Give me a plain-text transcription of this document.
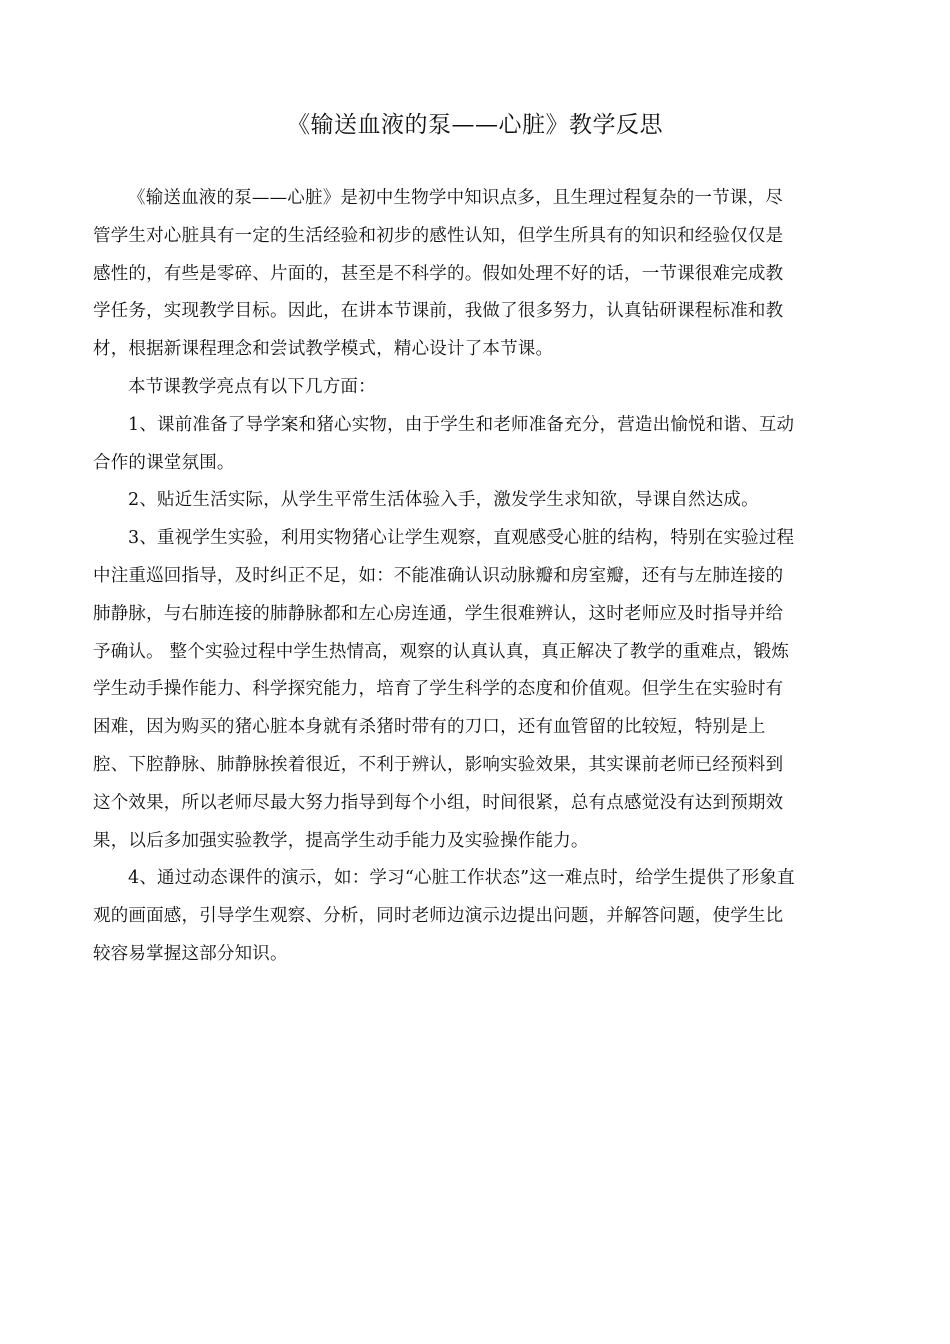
《输送血液的泵——心脏》教学反思

《输送血液的泵——心脏》是初中生物学中知识点多，且生理过程复杂的一节课，尽
管学生对心脏具有一定的生活经验和初步的感性认知，但学生所具有的知识和经验仅仅是
感性的，有些是零碎、片面的，甚至是不科学的。假如处理不好的话，一节课很难完成教
学任务，实现教学目标。因此，在讲本节课前，我做了很多努力，认真钻研课程标准和教
材，根据新课程理念和尝试教学模式，精心设计了本节课。

本节课教学亮点有以下几方面：

1、课前准备了导学案和猪心实物，由于学生和老师准备充分，营造出愉悦和谐、互动
合作的课堂氛围。

2、贴近生活实际，从学生平常生活体验入手，激发学生求知欲，导课自然达成。

3、重视学生实验，利用实物猪心让学生观察，直观感受心脏的结构，特别在实验过程
中注重巡回指导，及时纠正不足，如：不能准确认识动脉瓣和房室瓣，还有与左肺连接的
肺静脉，与右肺连接的肺静脉都和左心房连通，学生很难辨认，这时老师应及时指导并给
予确认。 整个实验过程中学生热情高，观察的认真认真，真正解决了教学的重难点，锻炼
学生动手操作能力、科学探究能力，培育了学生科学的态度和价值观。但学生在实验时有
困难，因为购买的猪心脏本身就有杀猪时带有的刀口，还有血管留的比较短，特别是上
腔、下腔静脉、肺静脉挨着很近，不利于辨认，影响实验效果，其实课前老师已经预料到
这个效果，所以老师尽最大努力指导到每个小组，时间很紧，总有点感觉没有达到预期效
果，以后多加强实验教学，提高学生动手能力及实验操作能力。

4、通过动态课件的演示，如：学习“心脏工作状态”这一难点时，给学生提供了形象直
观的画面感，引导学生观察、分析，同时老师边演示边提出问题，并解答问题，使学生比
较容易掌握这部分知识。
